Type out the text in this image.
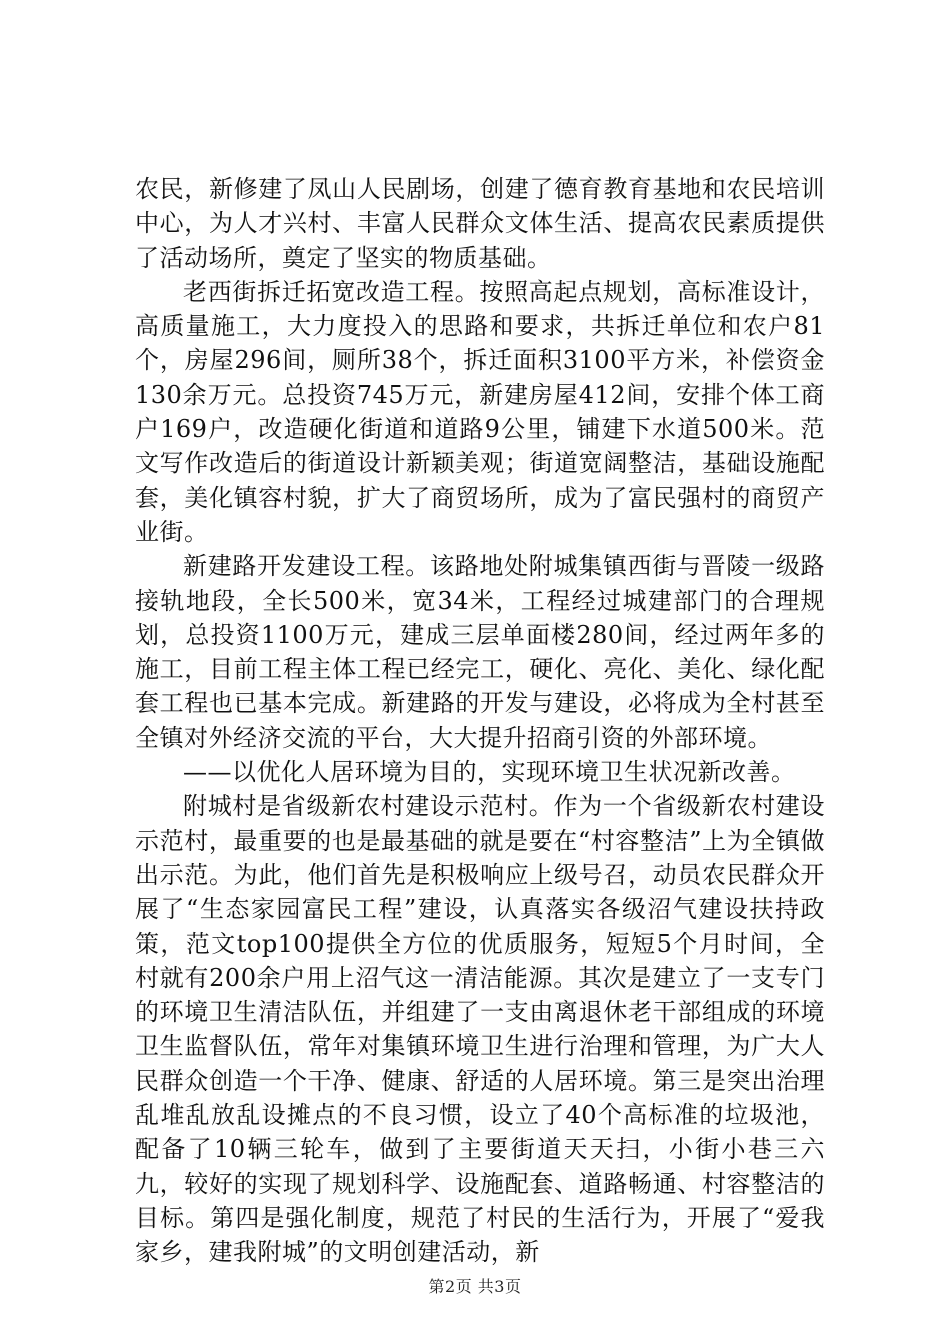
农民，新修建了凤山人民剧场，创建了德育教育基地和农民培训中心，为人才兴村、丰富人民群众文体生活、提高农民素质提供了活动场所，奠定了坚实的物质基础。

老西街拆迁拓宽改造工程。按照高起点规划，高标准设计，高质量施工，大力度投入的思路和要求，共拆迁单位和农户81个，房屋296间，厕所38个，拆迁面积3100平方米，补偿资金130余万元。总投资745万元，新建房屋412间，安排个体工商户169户，改造硬化街道和道路9公里，铺建下水道500米。范文写作改造后的街道设计新颖美观；街道宽阔整洁，基础设施配套，美化镇容村貌，扩大了商贸场所，成为了富民强村的商贸产业街。

新建路开发建设工程。该路地处附城集镇西街与晋陵一级路接轨地段，全长500米，宽34米，工程经过城建部门的合理规划，总投资1100万元，建成三层单面楼280间，经过两年多的施工，目前工程主体工程已经完工，硬化、亮化、美化、绿化配套工程也已基本完成。新建路的开发与建设，必将成为全村甚至全镇对外经济交流的平台，大大提升招商引资的外部环境。

——以优化人居环境为目的，实现环境卫生状况新改善。

附城村是省级新农村建设示范村。作为一个省级新农村建设示范村，最重要的也是最基础的就是要在“村容整洁”上为全镇做出示范。为此，他们首先是积极响应上级号召，动员农民群众开展了“生态家园富民工程”建设，认真落实各级沼气建设扶持政策，范文top100提供全方位的优质服务，短短5个月时间，全村就有200余户用上沼气这一清洁能源。其次是建立了一支专门的环境卫生清洁队伍，并组建了一支由离退休老干部组成的环境卫生监督队伍，常年对集镇环境卫生进行治理和管理，为广大人民群众创造一个干净、健康、舒适的人居环境。第三是突出治理乱堆乱放乱设摊点的不良习惯，设立了40个高标准的垃圾池，配备了10辆三轮车，做到了主要街道天天扫，小街小巷三六九，较好的实现了规划科学、设施配套、道路畅通、村容整洁的目标。第四是强化制度，规范了村民的生活行为，开展了“爱我家乡，建我附城”的文明创建活动，新

第2页 共3页
